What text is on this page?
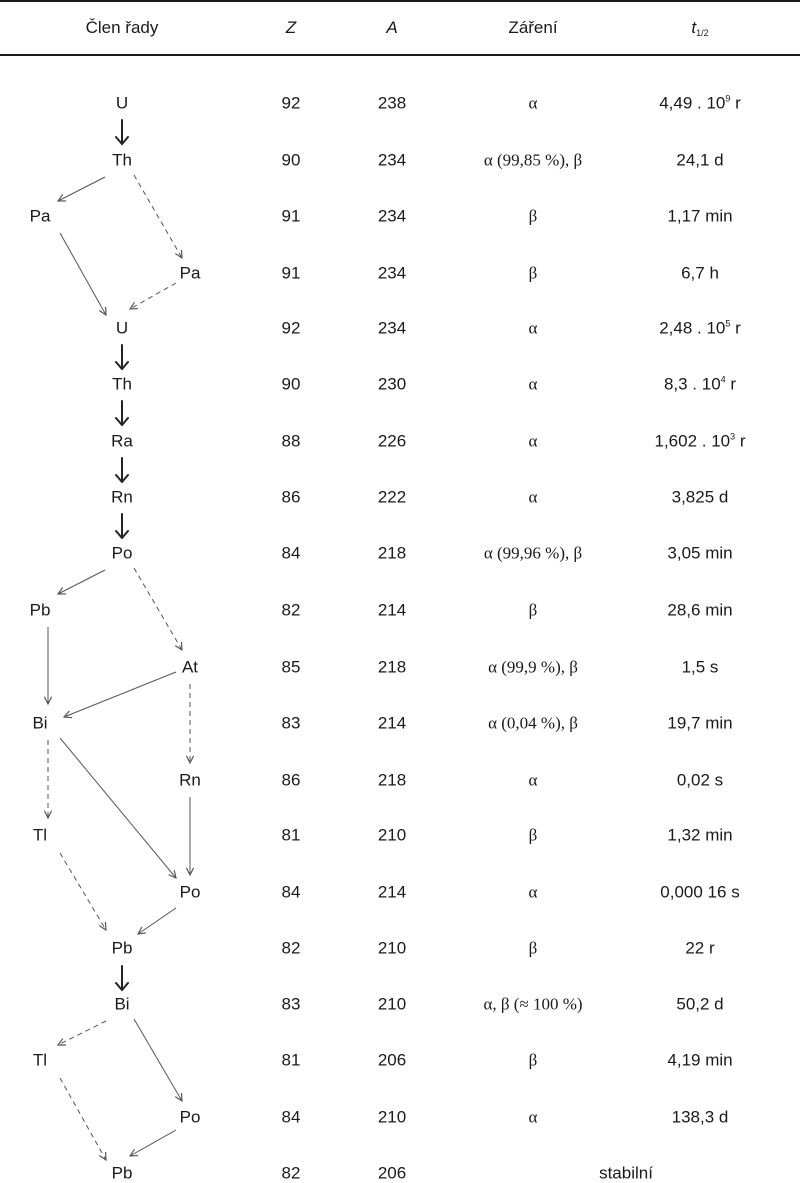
Člen řady	Z	A	Záření	$t_{1/2}$
U	92	238	α	4,49 . $10^9$ r
Th	90	234	α (99,85 %), β	24,1 d
Pa	91	234	β	1,17 min
Pa	91	234	β	6,7 h
U	92	234	α	2,48 . $10^5$ r
Th	90	230	α	8,3 . $10^4$ r
Ra	88	226	α	1,602 . $10^3$ r
Rn	86	222	α	3,825 d
Po	84	218	α (99,96 %), β	3,05 min
Pb	82	214	β	28,6 min
At	85	218	α (99,9 %), β	1,5 s
Bi	83	214	α (0,04 %), β	19,7 min
Rn	86	218	α	0,02 s
Tl	81	210	β	1,32 min
Po	84	214	α	0,000 16 s
Pb	82	210	β	22 r
Bi	83	210	α, β (≈ 100 %)	50,2 d
Tl	81	206	β	4,19 min
Po	84	210	α	138,3 d
Pb	82	206	stabilní
